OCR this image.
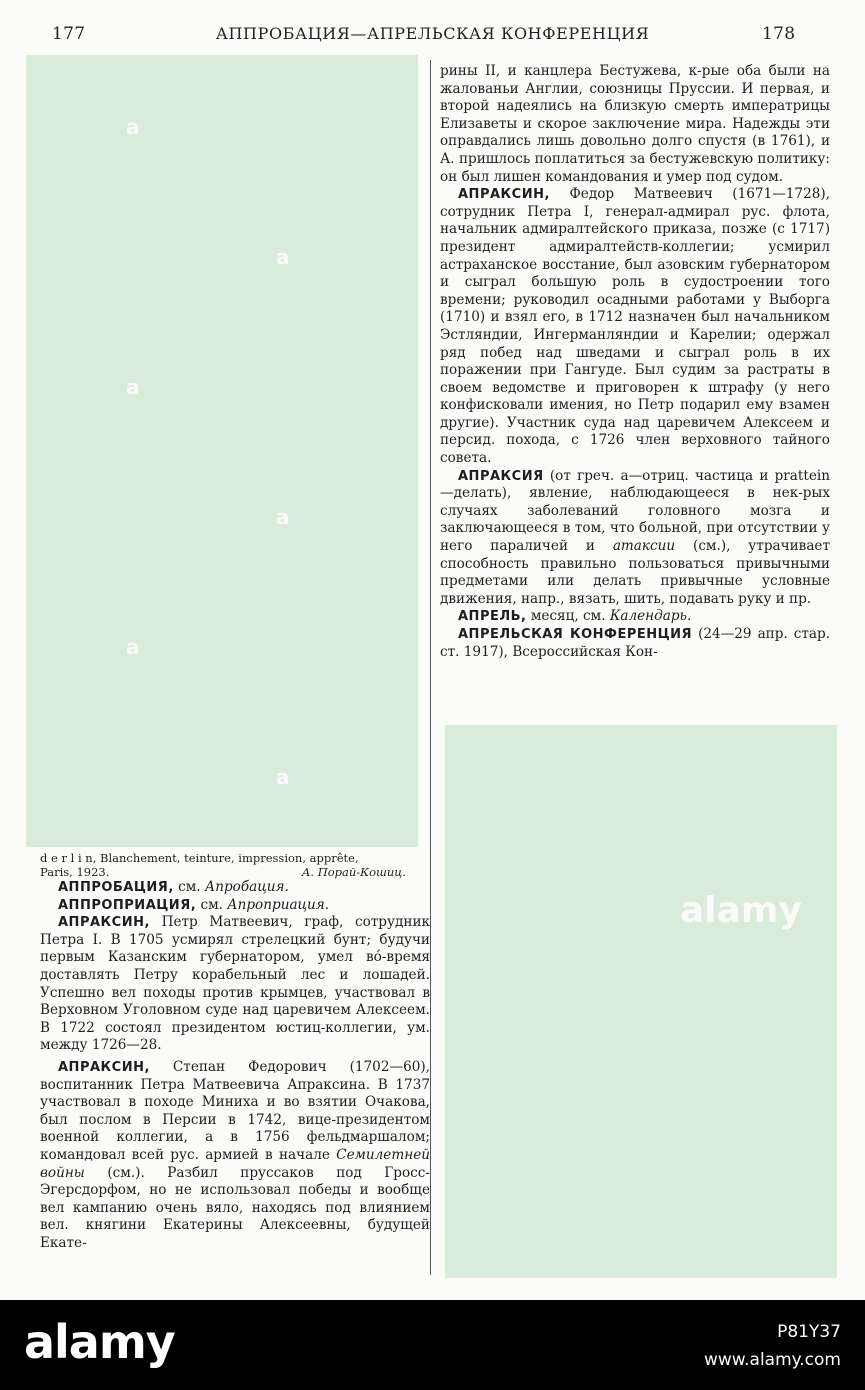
177	АППРОБАЦИЯ—АПРЕЛЬСКАЯ КОНФЕРЕНЦИЯ	178
a
a
a
a
a
a

d e r l i n, Blanchement, teinture, impression, apprête,
Paris, 1923.	А. Порай-Кошиц.

АППРОБАЦИЯ, см. Апробация.

АППРОПРИАЦИЯ, см. Апроприация.

АПРАКСИН, Петр Матвеевич, граф, сотрудник Петра I. В 1705 усмирял стрелецкий бунт; будучи первым Казанским губернатором, умел вó-время доставлять Петру корабельный лес и лошадей. Успешно вел походы против крымцев, участвовал в Верховном Уголовном суде над царевичем Алексеем. В 1722 состоял президентом юстиц-коллегии, ум. между 1726—28.

АПРАКСИН, Степан Федорович (1702—60), воспитанник Петра Матвеевича Апраксина. В 1737 участвовал в походе Миниха и во взятии Очакова, был послом в Персии в 1742, вице-президентом военной коллегии, а в 1756 фельдмаршалом; командовал всей рус. армией в начале Семилетней войны (см.). Разбил пруссаков под Гросс-Эгерсдорфом, но не использовал победы и вообще вел кампанию очень вяло, находясь под влиянием вел. княгини Екатерины Алексеевны, будущей Екате-

рины II, и канцлера Бестужева, к-рые оба были на жалованьи Англии, союзницы Пруссии. И первая, и второй надеялись на близкую смерть императрицы Елизаветы и скорое заключение мира. Надежды эти оправдались лишь довольно долго спустя (в 1761), и А. пришлось поплатиться за бестужевскую политику: он был лишен командования и умер под судом.

АПРАКСИН, Федор Матвеевич (1671—1728), сотрудник Петра I, генерал-адмирал рус. флота, начальник адмиралтейского приказа, позже (с 1717) президент адмиралтейств-коллегии; усмирил астраханское восстание, был азовским губернатором и сыграл большую роль в судостроении того времени; руководил осадными работами у Выборга (1710) и взял его, в 1712 назначен был начальником Эстляндии, Ингерманляндии и Карелии; одержал ряд побед над шведами и сыграл роль в их поражении при Гангуде. Был судим за растраты в своем ведомстве и приговорен к штрафу (у него конфисковали имения, но Петр подарил ему взамен другие). Участник суда над царевичем Алексеем и персид. похода, с 1726 член верховного тайного совета.

АПРАКСИЯ (от греч. а—отриц. частица и prattein—делать), явление, наблюдающееся в нек-рых случаях заболеваний головного мозга и заключающееся в том, что больной, при отсутствии у него параличей и атаксии (см.), утрачивает способность правильно пользоваться привычными предметами или делать привычные условные движения, напр., вязать, шить, подавать руку и пр.

АПРЕЛЬ, месяц, см. Календарь.

АПРЕЛЬСКАЯ КОНФЕРЕНЦИЯ (24—29 апр. стар. ст. 1917), Всероссийская Кон-

alamy
alamy	P81Y37
www.alamy.com
